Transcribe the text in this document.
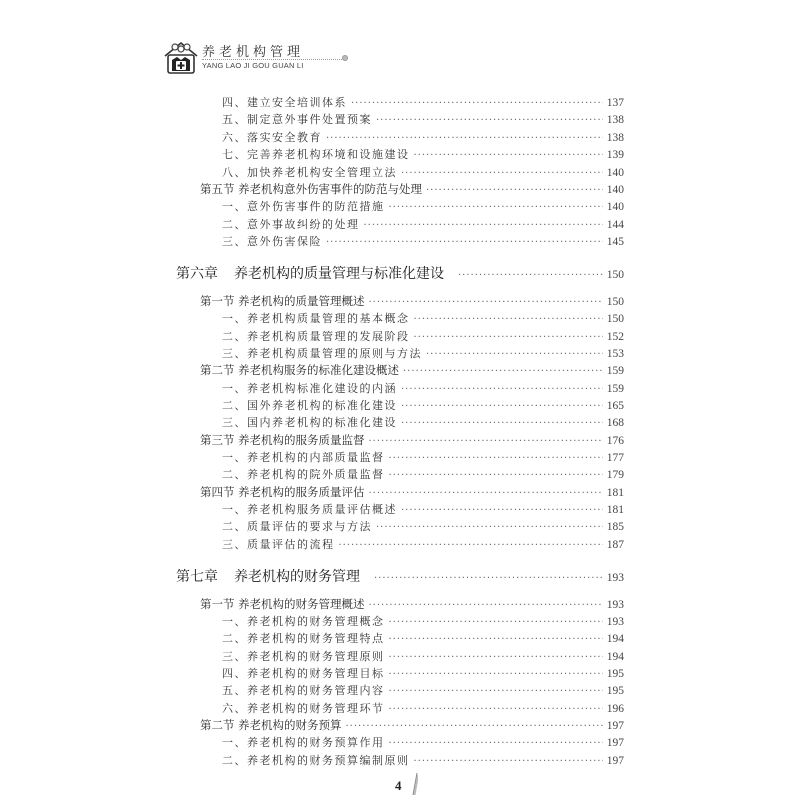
养老机构管理
YANG LAO JI GOU GUAN LI
四、建立安全培训体系 ·····	137
五、制定意外事件处置预案 ·····	138
六、落实安全教育 ·····	138
七、完善养老机构环境和设施建设 ·····	139
八、加快养老机构安全管理立法 ·····	140
第五节 养老机构意外伤害事件的防范与处理 ·····	140
一、意外伤害事件的防范措施 ·····	140
二、意外事故纠纷的处理 ·····	144
三、意外伤害保险 ·····	145
第六章 养老机构的质量管理与标准化建设 ·····	150
第一节 养老机构的质量管理概述 ·····	150
一、养老机构质量管理的基本概念 ·····	150
二、养老机构质量管理的发展阶段 ·····	152
三、养老机构质量管理的原则与方法 ·····	153
第二节 养老机构服务的标准化建设概述 ·····	159
一、养老机构标准化建设的内涵 ·····	159
二、国外养老机构的标准化建设 ·····	165
三、国内养老机构的标准化建设 ·····	168
第三节 养老机构的服务质量监督 ·····	176
一、养老机构的内部质量监督 ·····	177
二、养老机构的院外质量监督 ·····	179
第四节 养老机构的服务质量评估 ·····	181
一、养老机构服务质量评估概述 ·····	181
二、质量评估的要求与方法 ·····	185
三、质量评估的流程 ·····	187
第七章 养老机构的财务管理 ·····	193
第一节 养老机构的财务管理概述 ·····	193
一、养老机构的财务管理概念 ·····	193
二、养老机构的财务管理特点 ·····	194
三、养老机构的财务管理原则 ·····	194
四、养老机构的财务管理目标 ·····	195
五、养老机构的财务管理内容 ·····	195
六、养老机构的财务管理环节 ·····	196
第二节 养老机构的财务预算 ·····	197
一、养老机构的财务预算作用 ·····	197
二、养老机构的财务预算编制原则 ·····	197
4
